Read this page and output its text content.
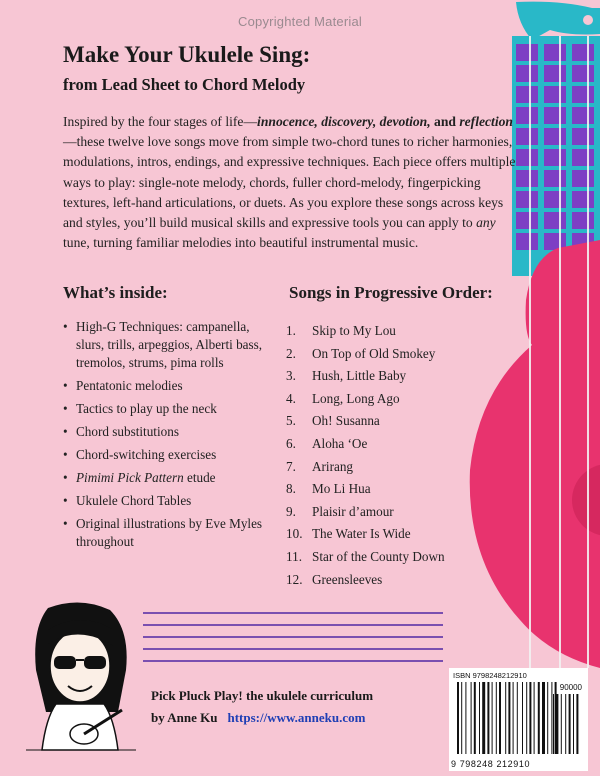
Copyrighted Material
Make Your Ukulele Sing:
from Lead Sheet to Chord Melody

Inspired by the four stages of life—innocence, discovery, devotion, and reflection—these twelve love songs move from simple two-chord tunes to richer harmonies, modulations, intros, endings, and expressive techniques. Each piece offers multiple ways to play: single-note melody, chords, fuller chord-melody, fingerpicking textures, left-hand articulations, or duets. As you explore these songs across keys and styles, you’ll build musical skills and expressive tools you can apply to any tune, turning familiar melodies into beautiful instrumental music.

What’s inside:
• High-G Techniques: campanella, slurs, trills, arpeggios, Alberti bass, tremolos, strums, pima rolls
• Pentatonic melodies
• Tactics to play up the neck
• Chord substitutions
• Chord-switching exercises
• Pimimi Pick Pattern etude
• Ukulele Chord Tables
• Original illustrations by Eve Myles throughout
Songs in Progressive Order:
1. Skip to My Lou
2. On Top of Old Smokey
3. Hush, Little Baby
4. Long, Long Ago
5. Oh! Susanna
6. Aloha ‘Oe
7. Arirang
8. Mo Li Hua
9. Plaisir d’amour
10. The Water Is Wide
11. Star of the County Down
12. Greensleeves

Pick Pluck Play! the ukulele curriculum

by Anne Ku https://www.anneku.com

ISBN 9798248212910
90000
9 798248 212910
